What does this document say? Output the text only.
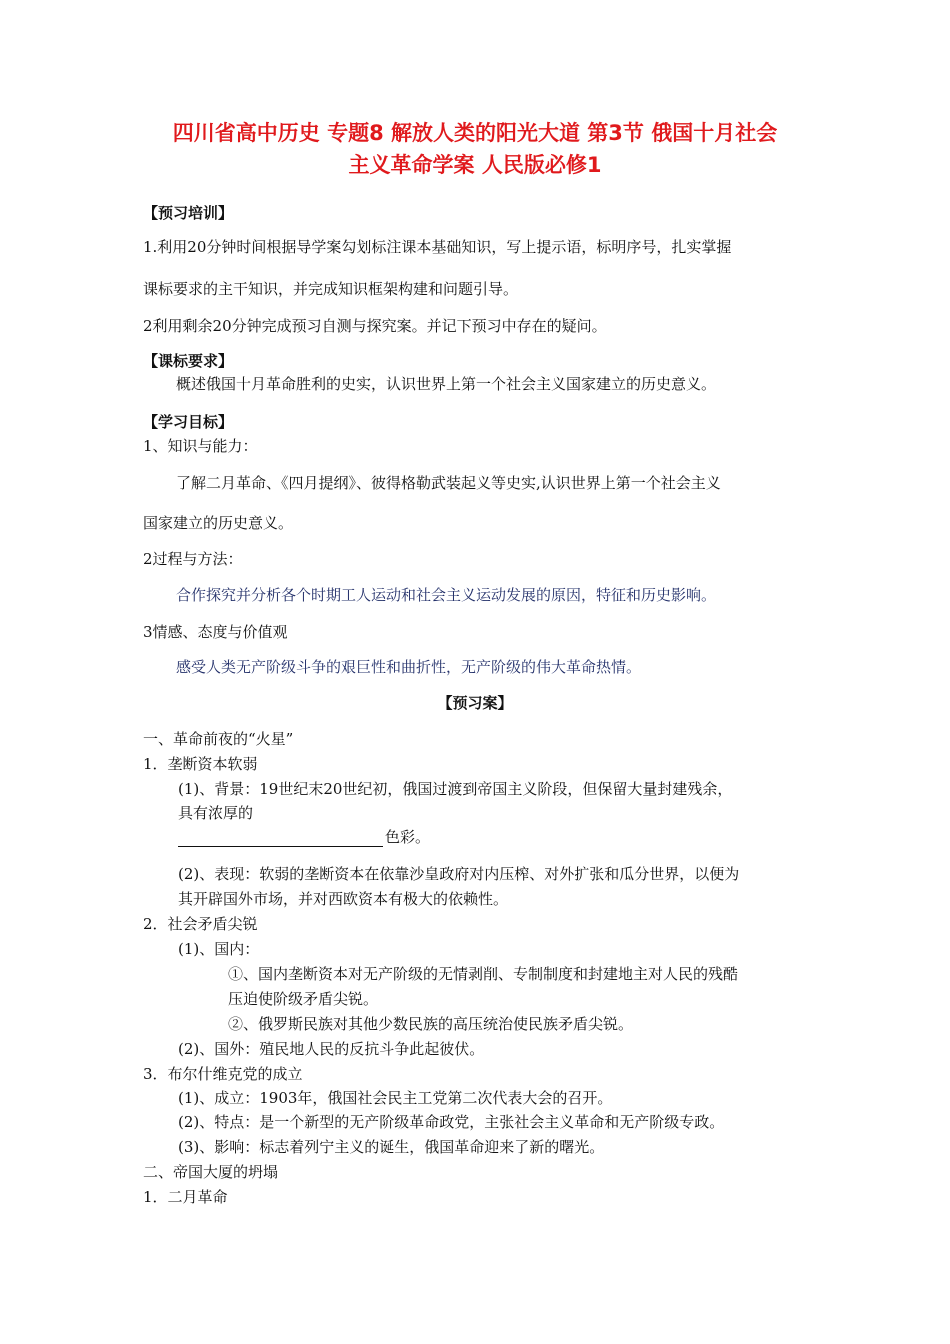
四川省高中历史 专题8 解放人类的阳光大道 第3节 俄国十月社会
主义革命学案 人民版必修1
【预习培训】
1.利用20分钟时间根据导学案勾划标注课本基础知识，写上提示语，标明序号，扎实掌握
课标要求的主干知识，并完成知识框架构建和问题引导。
2利用剩余20分钟完成预习自测与探究案。并记下预习中存在的疑问。
【课标要求】
概述俄国十月革命胜利的史实，认识世界上第一个社会主义国家建立的历史意义。
【学习目标】
1、知识与能力：
了解二月革命、《四月提纲》、彼得格勒武装起义等史实,认识世界上第一个社会主义
国家建立的历史意义。
2过程与方法：
合作探究并分析各个时期工人运动和社会主义运动发展的原因，特征和历史影响。
3情感、态度与价值观
感受人类无产阶级斗争的艰巨性和曲折性，无产阶级的伟大革命热情。
【预习案】
一、革命前夜的“火星”
1．垄断资本软弱
(1)、背景：19世纪末20世纪初，俄国过渡到帝国主义阶段，但保留大量封建残余，
具有浓厚的
色彩。
(2)、表现：软弱的垄断资本在依靠沙皇政府对内压榨、对外扩张和瓜分世界，以便为
其开辟国外市场，并对西欧资本有极大的依赖性。
2．社会矛盾尖锐
(1)、国内：
①、国内垄断资本对无产阶级的无情剥削、专制制度和封建地主对人民的残酷
压迫使阶级矛盾尖锐。
②、俄罗斯民族对其他少数民族的高压统治使民族矛盾尖锐。
(2)、国外：殖民地人民的反抗斗争此起彼伏。
3．布尔什维克党的成立
(1)、成立：1903年，俄国社会民主工党第二次代表大会的召开。
(2)、特点：是一个新型的无产阶级革命政党，主张社会主义革命和无产阶级专政。
(3)、影响：标志着列宁主义的诞生，俄国革命迎来了新的曙光。
二、帝国大厦的坍塌
1．二月革命
